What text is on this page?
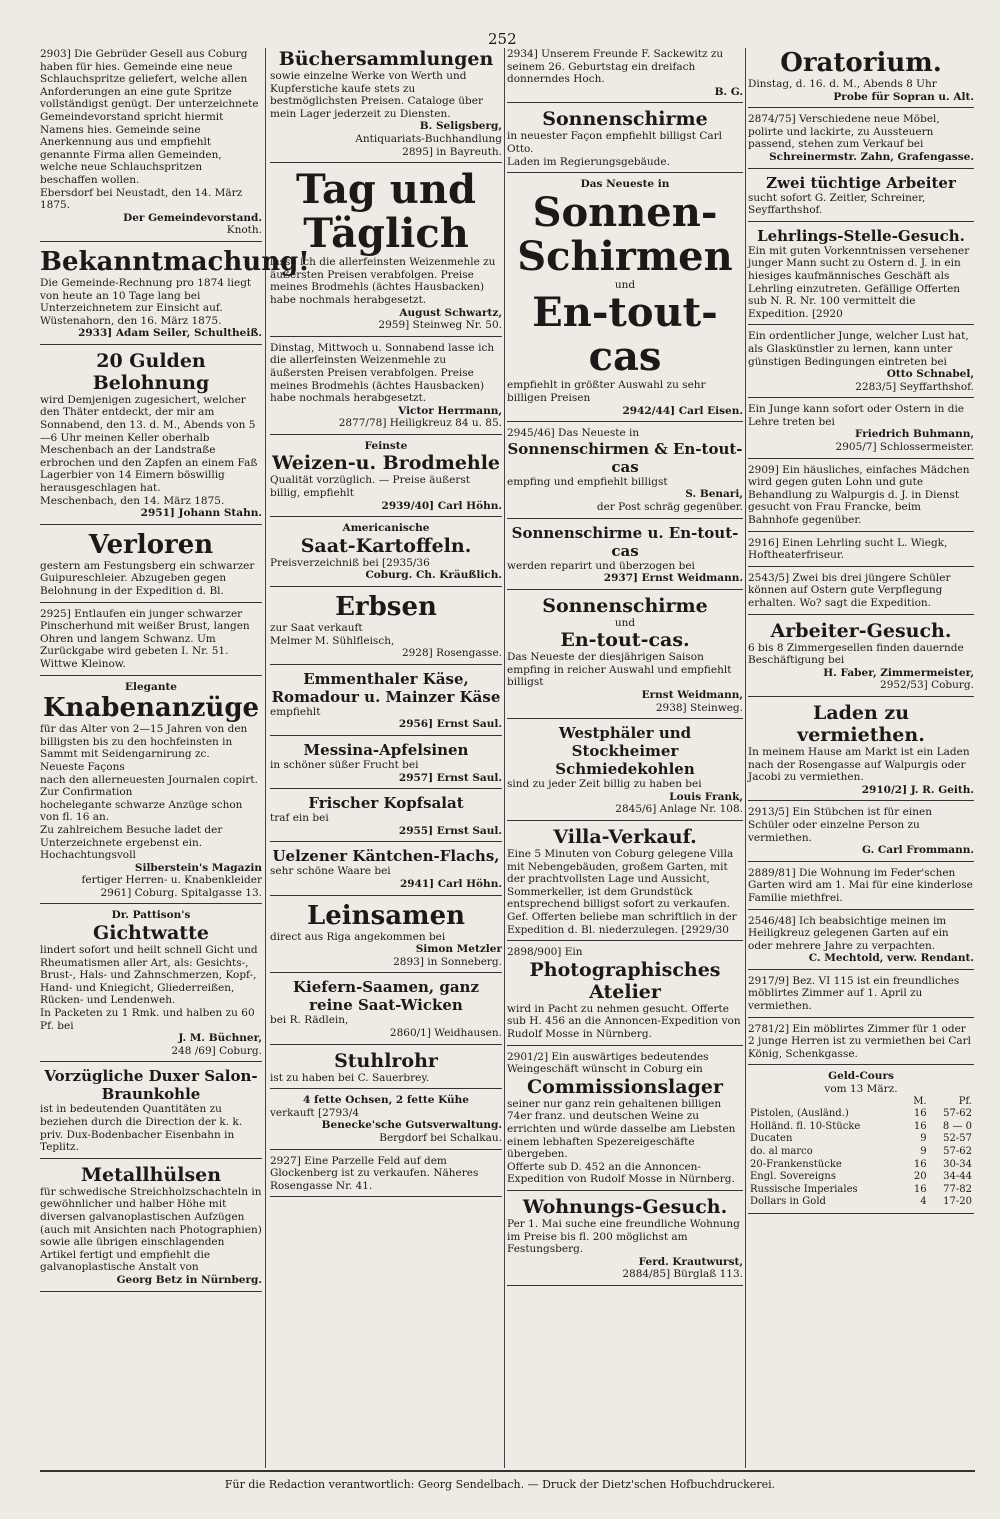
252

2903] Die Gebrüder Gesell aus Coburg haben für hies. Gemeinde eine neue Schlauchspritze geliefert, welche allen Anforderungen an eine gute Spritze vollständigst genügt. Der unterzeichnete Gemeindevorstand spricht hiermit Namens hies. Gemeinde seine Anerkennung aus und empfiehlt genannte Firma allen Gemeinden, welche neue Schlauchspritzen beschaffen wollen.

Ebersdorf bei Neustadt, den 14. März 1875.

Der Gemeindevorstand.

Knoth.

Bekanntmachung!

Die Gemeinde-Rechnung pro 1874 liegt von heute an 10 Tage lang bei Unterzeichnetem zur Einsicht auf.

Wüstenahorn, den 16. März 1875.

2933] Adam Seiler, Schultheiß.

20 Gulden Belohnung

wird Demjenigen zugesichert, welcher den Thäter entdeckt, der mir am Sonnabend, den 13. d. M., Abends von 5—6 Uhr meinen Keller oberhalb Meschenbach an der Landstraße erbrochen und den Zapfen an einem Faß Lagerbier von 14 Eimern böswillig herausgeschlagen hat.

Meschenbach, den 14. März 1875.

2951] Johann Stahn.

Verloren

gestern am Festungsberg ein schwarzer Guipureschleier. Abzugeben gegen Belohnung in der Expedition d. Bl.

2925] Entlaufen ein junger schwarzer Pinscherhund mit weißer Brust, langen Ohren und langem Schwanz. Um Zurückgabe wird gebeten I. Nr. 51. Wittwe Kleinow.

Elegante

Knabenanzüge

für das Alter von 2—15 Jahren von den billigsten bis zu den hochfeinsten in Sammt mit Seidengarnirung zc.

Neueste Façons

nach den allerneuesten Journalen copirt.

Zur Confirmation

hochelegante schwarze Anzüge schon von fl. 16 an.

Zu zahlreichem Besuche ladet der Unterzeichnete ergebenst ein.

Hochachtungsvoll

Silberstein's Magazin

fertiger Herren- u. Knabenkleider

2961] Coburg. Spitalgasse 13.

Dr. Pattison's

Gichtwatte

lindert sofort und heilt schnell Gicht und Rheumatismen aller Art, als: Gesichts-, Brust-, Hals- und Zahnschmerzen, Kopf-, Hand- und Kniegicht, Gliederreißen, Rücken- und Lendenweh.

In Packeten zu 1 Rmk. und halben zu 60 Pf. bei

J. M. Büchner,

248 /69] Coburg.

Vorzügliche Duxer Salon-Braunkohle

ist in bedeutenden Quantitäten zu beziehen durch die Direction der k. k. priv. Dux-Bodenbacher Eisenbahn in Teplitz.

Metallhülsen

für schwedische Streichholzschachteln in gewöhnlicher und halber Höhe mit diversen galvanoplastischen Aufzügen (auch mit Ansichten nach Photographien) sowie alle übrigen einschlagenden Artikel fertigt und empfiehlt die galvanoplastische Anstalt von

Georg Betz in Nürnberg.

Büchersammlungen

sowie einzelne Werke von Werth und Kupferstiche kaufe stets zu bestmöglichsten Preisen. Cataloge über mein Lager jederzeit zu Diensten.

B. Seligsberg,

Antiquariats-Buchhandlung

2895] in Bayreuth.

Tag und Täglich

lasse ich die allerfeinsten Weizenmehle zu äußersten Preisen verabfolgen. Preise meines Brodmehls (ächtes Hausbacken) habe nochmals herabgesetzt.

August Schwartz,

2959] Steinweg Nr. 50.

Dinstag, Mittwoch u. Sonnabend lasse ich die allerfeinsten Weizenmehle zu äußersten Preisen verabfolgen. Preise meines Brodmehls (ächtes Hausbacken) habe nochmals herabgesetzt.

Victor Herrmann,

2877/78] Heiligkreuz 84 u. 85.

Feinste

Weizen-u. Brodmehle

Qualität vorzüglich. — Preise äußerst billig, empfiehlt

2939/40] Carl Höhn.

Americanische

Saat-Kartoffeln.

Preisverzeichniß bei [2935/36

Coburg. Ch. Kräußlich.

Erbsen

zur Saat verkauft

Melmer M. Sühlfleisch,

2928] Rosengasse.

Emmenthaler Käse, Romadour u. Mainzer Käse

empfiehlt

2956] Ernst Saul.

Messina-Apfelsinen

in schöner süßer Frucht bei

2957] Ernst Saul.

Frischer Kopfsalat

traf ein bei

2955] Ernst Saul.

Uelzener Käntchen-Flachs,

sehr schöne Waare bei

2941] Carl Höhn.

Leinsamen

direct aus Riga angekommen bei

Simon Metzler

2893] in Sonneberg.

Kiefern-Saamen, ganz reine Saat-Wicken

bei R. Rädlein,

2860/1] Weidhausen.

Stuhlrohr

ist zu haben bei C. Sauerbrey.

4 fette Ochsen, 2 fette Kühe

verkauft [2793/4

Benecke'sche Gutsverwaltung.

Bergdorf bei Schalkau.

2927] Eine Parzelle Feld auf dem Glockenberg ist zu verkaufen. Näheres Rosengasse Nr. 41.

2934] Unserem Freunde F. Sackewitz zu seinem 26. Geburtstag ein dreifach donnerndes Hoch.

B. G.

Sonnenschirme

in neuester Façon empfiehlt billigst Carl Otto.

Laden im Regierungsgebäude.

Das Neueste in

Sonnen-Schirmen

und

En-tout-cas

empfiehlt in größter Auswahl zu sehr billigen Preisen

2942/44] Carl Eisen.

2945/46] Das Neueste in

Sonnenschirmen & En-tout-cas

empfing und empfiehlt billigst

S. Benari,

der Post schräg gegenüber.

Sonnenschirme u. En-tout-cas

werden reparirt und überzogen bei

2937] Ernst Weidmann.

Sonnenschirme

und

En-tout-cas.

Das Neueste der diesjährigen Saison empfing in reicher Auswahl und empfiehlt billigst

Ernst Weidmann,

2938] Steinweg.

Westphäler und Stockheimer Schmiedekohlen

sind zu jeder Zeit billig zu haben bei

Louis Frank,

2845/6] Anlage Nr. 108.

Villa-Verkauf.

Eine 5 Minuten von Coburg gelegene Villa mit Nebengebäuden, großem Garten, mit der prachtvollsten Lage und Aussicht, Sommerkeller, ist dem Grundstück entsprechend billigst sofort zu verkaufen. Gef. Offerten beliebe man schriftlich in der Expedition d. Bl. niederzulegen. [2929/30

2898/900] Ein

Photographisches Atelier

wird in Pacht zu nehmen gesucht. Offerte sub H. 456 an die Annoncen-Expedition von Rudolf Mosse in Nürnberg.

2901/2] Ein auswärtiges bedeutendes Weingeschäft wünscht in Coburg ein

Commissionslager

seiner nur ganz rein gehaltenen billigen 74er franz. und deutschen Weine zu errichten und würde dasselbe am Liebsten einem lebhaften Spezereigeschäfte übergeben.

Offerte sub D. 452 an die Annoncen-Expedition von Rudolf Mosse in Nürnberg.

Wohnungs-Gesuch.

Per 1. Mai suche eine freundliche Wohnung im Preise bis fl. 200 möglichst am Festungsberg.

Ferd. Krautwurst,

2884/85] Bürglaß 113.

Oratorium.

Dinstag, d. 16. d. M., Abends 8 Uhr

Probe für Sopran u. Alt.

2874/75] Verschiedene neue Möbel, polirte und lackirte, zu Aussteuern passend, stehen zum Verkauf bei

Schreinermstr. Zahn, Grafengasse.

Zwei tüchtige Arbeiter

sucht sofort G. Zeitler, Schreiner, Seyffarthshof.

Lehrlings-Stelle-Gesuch.

Ein mit guten Vorkenntnissen versehener junger Mann sucht zu Ostern d. J. in ein hiesiges kaufmännisches Geschäft als Lehrling einzutreten. Gefällige Offerten sub N. R. Nr. 100 vermittelt die Expedition. [2920

Ein ordentlicher Junge, welcher Lust hat, als Glaskünstler zu lernen, kann unter günstigen Bedingungen eintreten bei

Otto Schnabel,

2283/5] Seyffarthshof.

Ein Junge kann sofort oder Ostern in die Lehre treten bei

Friedrich Buhmann,

2905/7] Schlossermeister.

2909] Ein häusliches, einfaches Mädchen wird gegen guten Lohn und gute Behandlung zu Walpurgis d. J. in Dienst gesucht von Frau Francke, beim Bahnhofe gegenüber.

2916] Einen Lehrling sucht L. Wiegk, Hoftheaterfriseur.

2543/5] Zwei bis drei jüngere Schüler können auf Ostern gute Verpflegung erhalten. Wo? sagt die Expedition.

Arbeiter-Gesuch.

6 bis 8 Zimmergesellen finden dauernde Beschäftigung bei

H. Faber, Zimmermeister,

2952/53] Coburg.

Laden zu vermiethen.

In meinem Hause am Markt ist ein Laden nach der Rosengasse auf Walpurgis oder Jacobi zu vermiethen.

2910/2] J. R. Geith.

2913/5] Ein Stübchen ist für einen Schüler oder einzelne Person zu vermiethen.

G. Carl Frommann.

2889/81] Die Wohnung im Feder'schen Garten wird am 1. Mai für eine kinderlose Familie miethfrei.

2546/48] Ich beabsichtige meinen im Heiligkreuz gelegenen Garten auf ein oder mehrere Jahre zu verpachten.

C. Mechtold, verw. Rendant.

2917/9] Bez. VI 115 ist ein freundliches möblirtes Zimmer auf 1. April zu vermiethen.

2781/2] Ein möblirtes Zimmer für 1 oder 2 junge Herren ist zu vermiethen bei Carl König, Schenkgasse.

Geld-Cours

vom 13 März.

	M.	Pf.
Pistolen, (Ausländ.)	16	57-62
Holländ. fl. 10-Stücke	16	8 — 0
Ducaten	9	52-57
do. al marco	9	57-62
20-Frankenstücke	16	30-34
Engl. Sovereigns	20	34-44
Russische Imperiales	16	77-82
Dollars in Gold	4	17-20
Für die Redaction verantwortlich: Georg Sendelbach. — Druck der Dietz'schen Hofbuchdruckerei.
